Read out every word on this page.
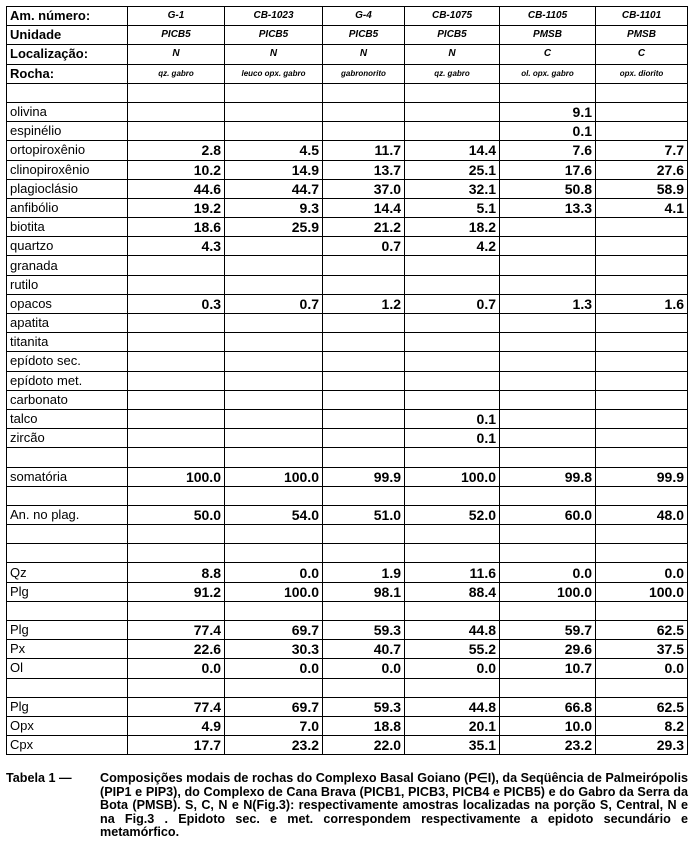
Am. número:	G-1	CB-1023	G-4	CB-1075	CB-1105	CB-1101
Unidade	PICB5	PICB5	PICB5	PICB5	PMSB	PMSB
Localização:	N	N	N	N	C	C
Rocha:	qz. gabro	leuco opx. gabro	gabronorito	qz. gabro	ol. opx. gabro	opx. diorito

olivina					9.1	
espinélio					0.1	
ortopiroxênio	2.8	4.5	11.7	14.4	7.6	7.7
clinopiroxênio	10.2	14.9	13.7	25.1	17.6	27.6
plagioclásio	44.6	44.7	37.0	32.1	50.8	58.9
anfibólio	19.2	9.3	14.4	5.1	13.3	4.1
biotita	18.6	25.9	21.2	18.2		
quartzo	4.3		0.7	4.2		
granada						
rutilo						
opacos	0.3	0.7	1.2	0.7	1.3	1.6
apatita						
titanita						
epídoto sec.						
epídoto met.						
carbonato						
talco				0.1		
zircão				0.1		

somatória	100.0	100.0	99.9	100.0	99.8	99.9

An. no plag.	50.0	54.0	51.0	52.0	60.0	48.0

Qz	8.8	0.0	1.9	11.6	0.0	0.0
Plg	91.2	100.0	98.1	88.4	100.0	100.0

Plg	77.4	69.7	59.3	44.8	59.7	62.5
Px	22.6	30.3	40.7	55.2	29.6	37.5
Ol	0.0	0.0	0.0	0.0	10.7	0.0

Plg	77.4	69.7	59.3	44.8	66.8	62.5
Opx	4.9	7.0	18.8	20.1	10.0	8.2
Cpx	17.7	23.2	22.0	35.1	23.2	29.3
Tabela 1 — Composições modais de rochas do Complexo Basal Goiano (P∈I), da Seqüência de Palmeirópolis (PIP1 e PIP3), do Complexo de Cana Brava (PICB1, PICB3, PICB4 e PICB5) e do Gabro da Serra da Bota (PMSB). S, C, N e N(Fig.3): respectivamente amostras localizadas na porção S, Central, N e na Fig.3 . Epidoto sec. e met. correspondem respectivamente a epidoto secundário e metamórfico.
